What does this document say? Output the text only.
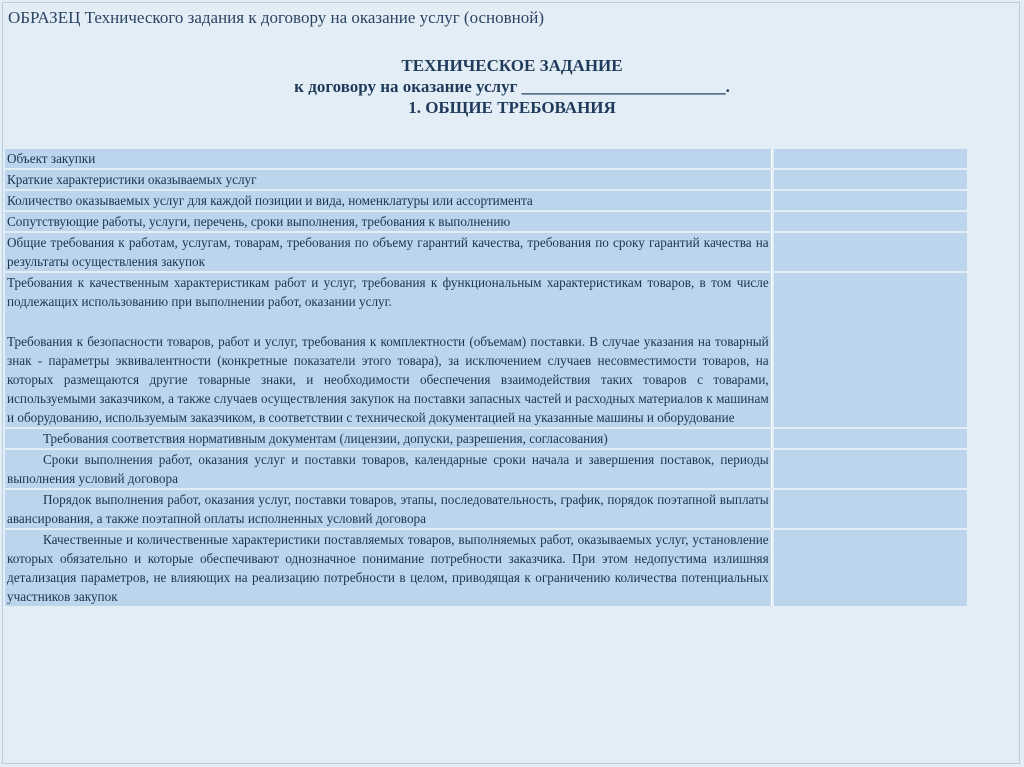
ОБРАЗЕЦ Технического задания к договору на оказание услуг (основной)
ТЕХНИЧЕСКОЕ ЗАДАНИЕ
к договору на оказание услуг ________________________.
1. ОБЩИЕ ТРЕБОВАНИЯ
Объект закупки	
Краткие характеристики оказываемых услуг	
Количество оказываемых услуг для каждой позиции и вида, номенклатуры или ассортимента	
Сопутствующие работы, услуги, перечень, сроки выполнения, требования к выполнению	
Общие требования к работам, услугам, товарам, требования по объему гарантий качества, требования по сроку гарантий качества на результаты осуществления закупок	

Требования к качественным характеристикам работ и услуг, требования к функциональным характеристикам товаров, в том числе подлежащих использованию при выполнении работ, оказании услуг.
Требования к безопасности товаров, работ и услуг, требования к комплектности (объемам) поставки. В случае указания на товарный знак - параметры эквивалентности (конкретные показатели этого товара), за исключением случаев несовместимости товаров, на которых размещаются другие товарные знаки, и необходимости обеспечения взаимодействия таких товаров с товарами, используемыми заказчиком, а также случаев осуществления закупок на поставки запасных частей и расходных материалов к машинам и оборудованию, используемым заказчиком, в соответствии с технической документацией на указанные машины и оборудование	

Требования соответствия нормативным документам (лицензии, допуски, разрешения, согласования)	
Сроки выполнения работ, оказания услуг и поставки товаров, календарные сроки начала и завершения поставок, периоды выполнения условий договора	
Порядок выполнения работ, оказания услуг, поставки товаров, этапы, последовательность, график, порядок поэтапной выплаты авансирования, а также поэтапной оплаты исполненных условий договора	
Качественные и количественные характеристики поставляемых товаров, выполняемых работ, оказываемых услуг, установление которых обязательно и которые обеспечивают однозначное понимание потребности заказчика. При этом недопустима излишняя детализация параметров, не влияющих на реализацию потребности в целом, приводящая к ограничению количества потенциальных участников закупок	
